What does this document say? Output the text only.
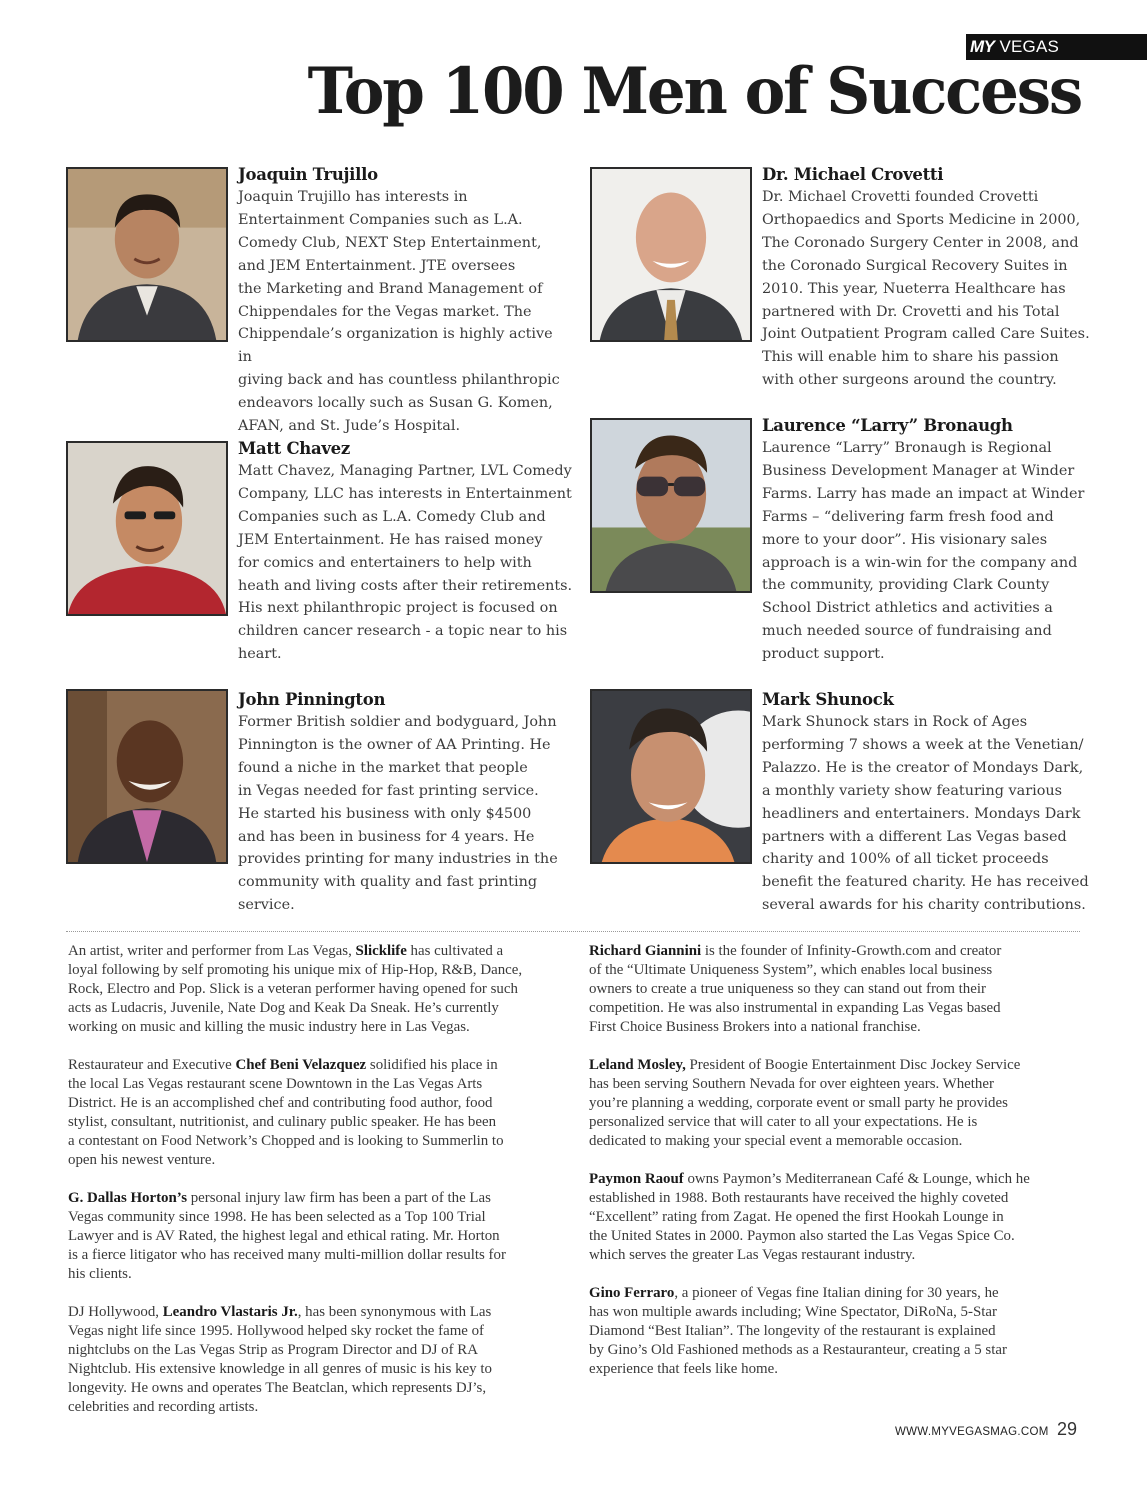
MY VEGAS
Top 100 Men of Success
Joaquin Trujillo
Joaquin Trujillo has interests in
Entertainment Companies such as L.A.
Comedy Club, NEXT Step Entertainment,
and JEM Entertainment. JTE oversees
the Marketing and Brand Management of
Chippendales for the Vegas market. The
Chippendale’s organization is highly active in
giving back and has countless philanthropic
endeavors locally such as Susan G. Komen,
AFAN, and St. Jude’s Hospital.
Matt Chavez
Matt Chavez, Managing Partner, LVL Comedy
Company, LLC has interests in Entertainment
Companies such as L.A. Comedy Club and
JEM Entertainment. He has raised money
for comics and entertainers to help with
heath and living costs after their retirements.
His next philanthropic project is focused on
children cancer research - a topic near to his
heart.
John Pinnington
Former British soldier and bodyguard, John
Pinnington is the owner of AA Printing. He
found a niche in the market that people
in Vegas needed for fast printing service.
He started his business with only $4500
and has been in business for 4 years. He
provides printing for many industries in the
community with quality and fast printing
service.
Dr. Michael Crovetti
Dr. Michael Crovetti founded Crovetti
Orthopaedics and Sports Medicine in 2000,
The Coronado Surgery Center in 2008, and
the Coronado Surgical Recovery Suites in
2010. This year, Nueterra Healthcare has
partnered with Dr. Crovetti and his Total
Joint Outpatient Program called Care Suites.
This will enable him to share his passion
with other surgeons around the country.
Laurence “Larry” Bronaugh
Laurence “Larry” Bronaugh is Regional
Business Development Manager at Winder
Farms. Larry has made an impact at Winder
Farms – “delivering farm fresh food and
more to your door”. His visionary sales
approach is a win-win for the company and
the community, providing Clark County
School District athletics and activities a
much needed source of fundraising and
product support.
Mark Shunock
Mark Shunock stars in Rock of Ages
performing 7 shows a week at the Venetian/
Palazzo. He is the creator of Mondays Dark,
a monthly variety show featuring various
headliners and entertainers. Mondays Dark
partners with a different Las Vegas based
charity and 100% of all ticket proceeds
benefit the featured charity. He has received
several awards for his charity contributions.

An artist, writer and performer from Las Vegas, Slicklife has cultivated a
loyal following by self promoting his unique mix of Hip-Hop, R&B, Dance,
Rock, Electro and Pop. Slick is a veteran performer having opened for such
acts as Ludacris, Juvenile, Nate Dog and Keak Da Sneak. He’s currently
working on music and killing the music industry here in Las Vegas.

Restaurateur and Executive Chef Beni Velazquez solidified his place in
the local Las Vegas restaurant scene Downtown in the Las Vegas Arts
District. He is an accomplished chef and contributing food author, food
stylist, consultant, nutritionist, and culinary public speaker. He has been
a contestant on Food Network’s Chopped and is looking to Summerlin to
open his newest venture.

G. Dallas Horton’s personal injury law firm has been a part of the Las
Vegas community since 1998. He has been selected as a Top 100 Trial
Lawyer and is AV Rated, the highest legal and ethical rating. Mr. Horton
is a fierce litigator who has received many multi-million dollar results for
his clients.

DJ Hollywood, Leandro Vlastaris Jr., has been synonymous with Las
Vegas night life since 1995. Hollywood helped sky rocket the fame of
nightclubs on the Las Vegas Strip as Program Director and DJ of RA
Nightclub. His extensive knowledge in all genres of music is his key to
longevity. He owns and operates The Beatclan, which represents DJ’s,
celebrities and recording artists.

Richard Giannini is the founder of Infinity-Growth.com and creator
of the “Ultimate Uniqueness System”, which enables local business
owners to create a true uniqueness so they can stand out from their
competition. He was also instrumental in expanding Las Vegas based
First Choice Business Brokers into a national franchise.

Leland Mosley, President of Boogie Entertainment Disc Jockey Service
has been serving Southern Nevada for over eighteen years. Whether
you’re planning a wedding, corporate event or small party he provides
personalized service that will cater to all your expectations. He is
dedicated to making your special event a memorable occasion.

Paymon Raouf owns Paymon’s Mediterranean Café & Lounge, which he
established in 1988. Both restaurants have received the highly coveted
“Excellent” rating from Zagat. He opened the first Hookah Lounge in
the United States in 2000. Paymon also started the Las Vegas Spice Co.
which serves the greater Las Vegas restaurant industry.

Gino Ferraro, a pioneer of Vegas fine Italian dining for 30 years, he
has won multiple awards including; Wine Spectator, DiRoNa, 5-Star
Diamond “Best Italian”. The longevity of the restaurant is explained
by Gino’s Old Fashioned methods as a Restauranteur, creating a 5 star
experience that feels like home.

WWW.MYVEGASMAG.COM 29
